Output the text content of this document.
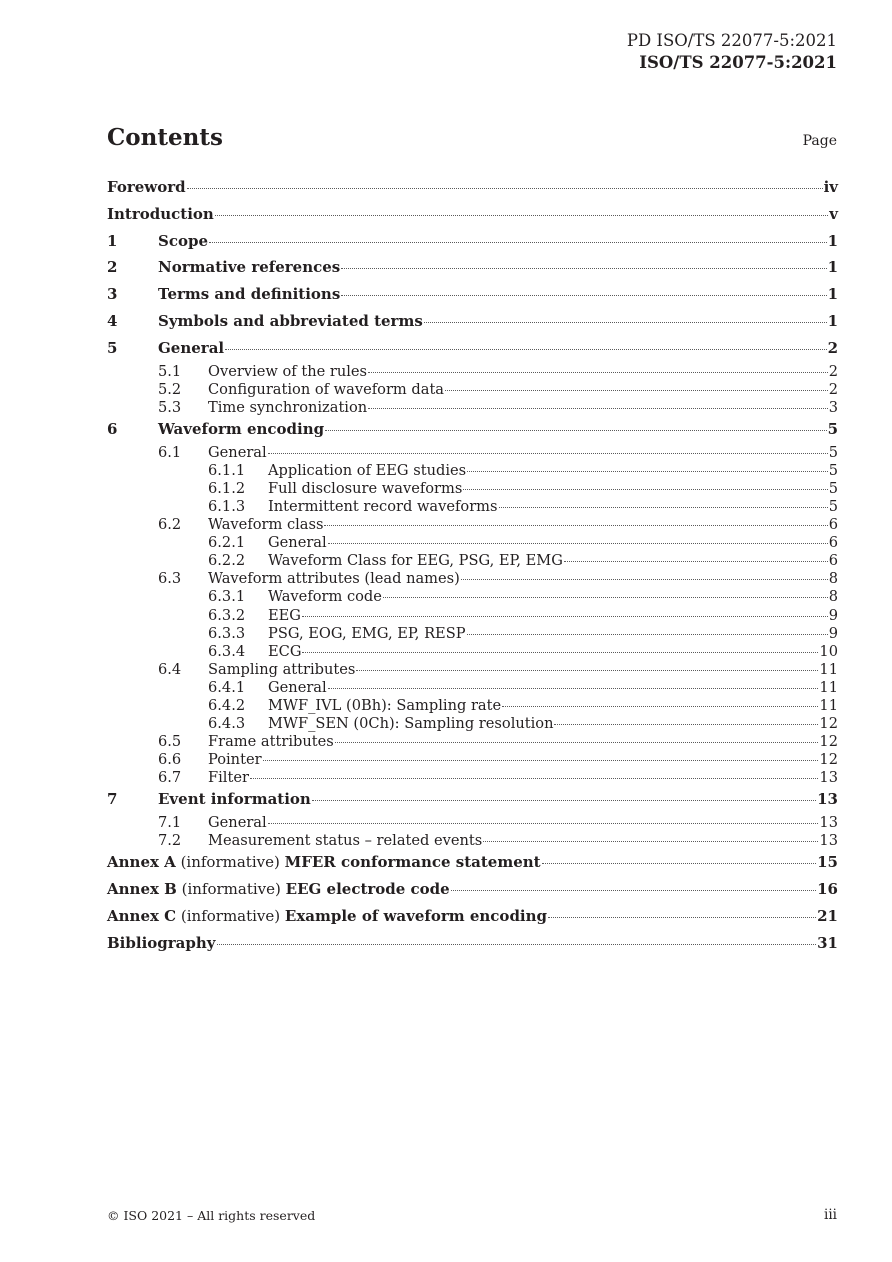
PD ISO/TS 22077-5:2021
ISO/TS 22077-5:2021
Contents	Page
Foreword	iv
Introduction	v
1	Scope	1
2	Normative references	1
3	Terms and definitions	1
4	Symbols and abbreviated terms	1
5	General	2
5.1 Overview of the rules	2
5.2 Configuration of waveform data	2
5.3 Time synchronization	3
6	Waveform encoding	5
6.1 General	5
6.1.1 Application of EEG studies	5
6.1.2 Full disclosure waveforms	5
6.1.3 Intermittent record waveforms	5
6.2 Waveform class	6
6.2.1 General	6
6.2.2 Waveform Class for EEG, PSG, EP, EMG	6
6.3 Waveform attributes (lead names)	8
6.3.1 Waveform code	8
6.3.2 EEG	9
6.3.3 PSG, EOG, EMG, EP, RESP	9
6.3.4 ECG	10
6.4 Sampling attributes	11
6.4.1 General	11
6.4.2 MWF_IVL (0Bh): Sampling rate	11
6.4.3 MWF_SEN (0Ch): Sampling resolution	12
6.5 Frame attributes	12
6.6 Pointer	12
6.7 Filter	13
7	Event information	13
7.1 General	13
7.2 Measurement status – related events	13
Annex A (informative) MFER conformance statement	15
Annex B (informative) EEG electrode code	16
Annex C (informative) Example of waveform encoding	21
Bibliography	31
© ISO 2021 – All rights reserved	iii
